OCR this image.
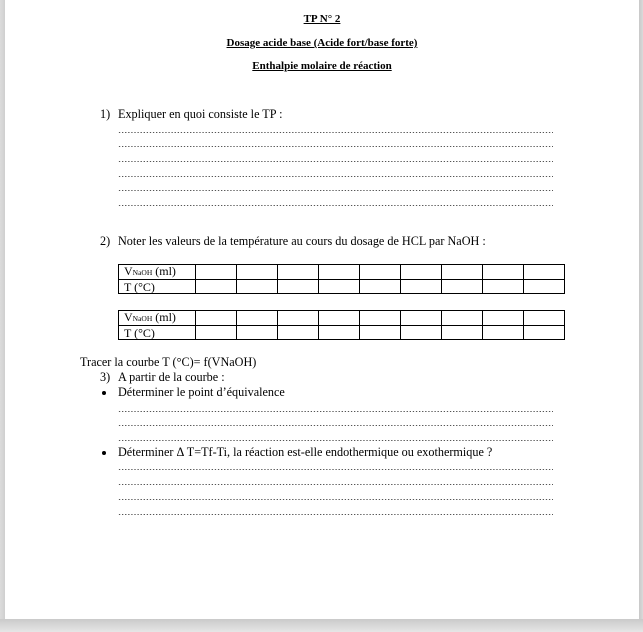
TP N° 2
Dosage acide base (Acide fort/base forte)
Enthalpie molaire de réaction
1) Expliquer en quoi consiste le TP :
2) Noter les valeurs de la température au cours du dosage de HCL par NaOH :
VNaOH (ml)									
T (°C)									
VNaOH (ml)									
T (°C)									
Tracer la courbe T (°C)= f(VNaOH)
3) A partir de la courbe :
Déterminer le point d’équivalence
Déterminer Δ T=Tf-Ti, la réaction est-elle endothermique ou exothermique ?
